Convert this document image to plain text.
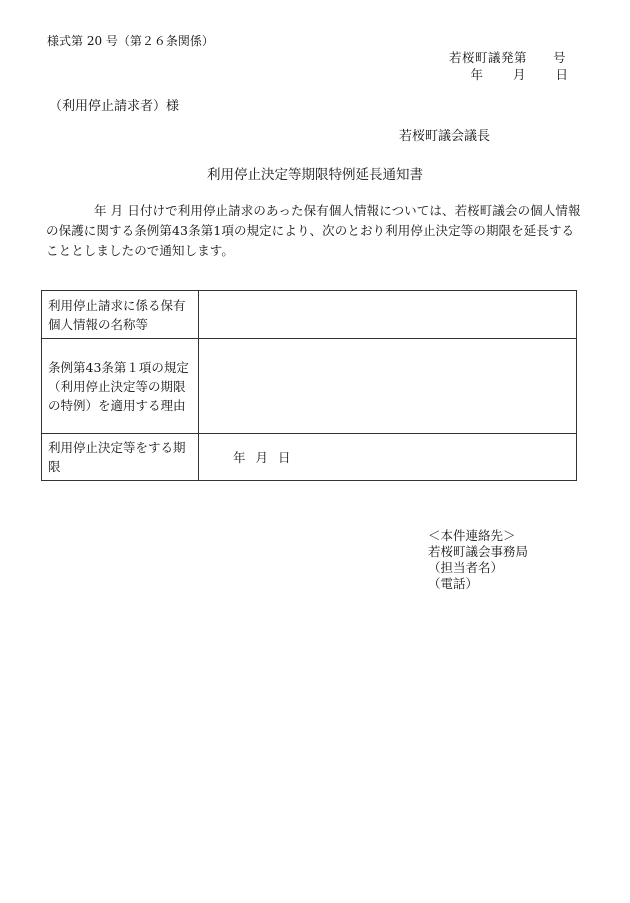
様式第 20 号（第２６条関係）
若桜町議発第　　号
年 月 日
（利用停止請求者）様
若桜町議会議長
利用停止決定等期限特例延長通知書
年 月 日付けで利用停止請求のあった保有個人情報については、若桜町議会の個人情報の保護に関する条例第43条第1項の規定により、次のとおり利用停止決定等の期限を延長することとしましたので通知します。
利用停止請求に係る保有個人情報の名称等	
条例第43条第１項の規定（利用停止決定等の期限の特例）を適用する理由	
利用停止決定等をする期限	年 月 日
＜本件連絡先＞
若桜町議会事務局
（担当者名）
（電話）
